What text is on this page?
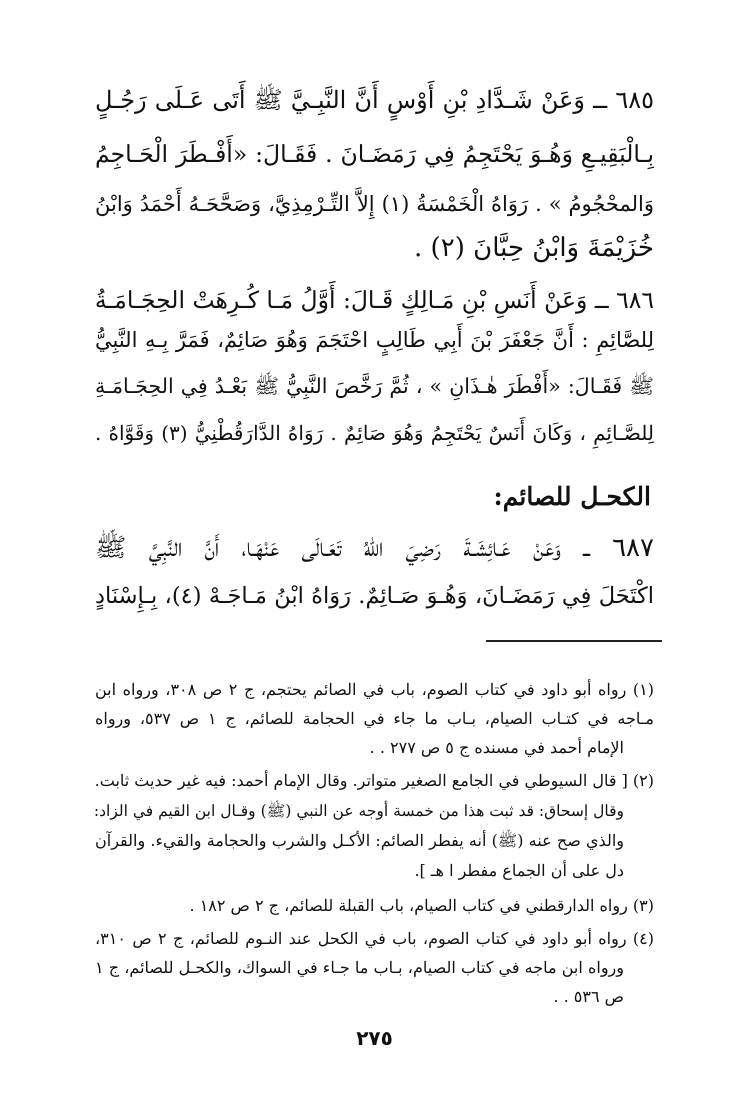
٦٨٥ ــ وَعَنْ شَـدَّادِ بْنِ أَوْسٍ أَنَّ النَّبِـيَّ ﷺ أَتَى عَـلَى رَجُـلٍ
بِـالْبَقِيـعِ وَهُـوَ يَحْتَجِمُ فِي رَمَضَـانَ . فَقَـالَ: «أَفْـطَرَ الْحَـاجِمُ
وَالمحْجُومُ » . رَوَاهُ الْخَمْسَةُ (١) إِلاَّ التِّـرْمِذِيَّ، وَصَحَّحَـهُ أَحْمَدُ وَابْنُ
خُزَيْمَةَ وَابْنُ حِبَّانَ (٢) .
٦٨٦ ــ وَعَنْ أَنَسِ بْنِ مَـالِكٍ قَـالَ: أَوَّلُ مَـا كُـرِهَتْ الحِجَـامَـةُ
لِلصَّائِمِ : أَنَّ جَعْفَرَ بْنَ أَبِي طَالِبٍ احْتَجَمَ وَهُوَ صَائِمٌ، فَمَرَّ بِـهِ النَّبِيُّ
ﷺ فَقَـالَ: «أَفْطَرَ هٰـذَانِ » ، ثُمَّ رَخَّصَ النَّبِيُّ ﷺ بَعْـدُ فِي الحِجَـامَـةِ
لِلصَّـائِمِ ، وَكَانَ أَنَسٌ يَحْتَجِمُ وَهُوَ صَائِمٌ . رَوَاهُ الدَّارَقُطْنِيُّ (٣) وَقَوَّاهُ .
الكحـل للصائم:
٦٨٧ ــ وَعَنْ عَـائِشَـةَ رَضِيَ اللهُ تَعَـالَى عَنْهَـا، أَنَّ النَّبِيَّ ﷺ
اكْتَحَلَ فِي رَمَضَـانَ، وَهُـوَ صَـائِمٌ. رَوَاهُ ابْنُ مَـاجَـهْ (٤)، بِـإِسْنَادٍ
(١) رواه أبو داود في كتاب الصوم، باب في الصائم يحتجم، ج ٢ ص ٣٠٨، ورواه ابن
مـاجه في كتـاب الصيام، بـاب ما جاء في الحجامة للصائم، ج ١ ص ٥٣٧، ورواه
الإمام أحمد في مسنده ج ٥ ص ٢٧٧ . .
(٢) [ قال السيوطي في الجامع الصغير متواتر. وقال الإمام أحمد: فيه غير حديث ثابت.
وقال إسحاق: قد ثبت هذا من خمسة أوجه عن النبي (ﷺ) وقـال ابن القيم في الزاد:
والذي صح عنه (ﷺ) أنه يفطر الصائم: الأكـل والشرب والحجامة والقيء. والقرآن
دل على أن الجماع مفطر ا هـ ].
(٣) رواه الدارقطني في كتاب الصيام، باب القبلة للصائم، ج ٢ ص ١٨٢ .
(٤) رواه أبو داود في كتاب الصوم، باب في الكحل عند النـوم للصائم، ج ٢ ص ٣١٠،
ورواه ابن ماجه في كتاب الصيام، بـاب ما جـاء في السواك، والكحـل للصائم، ج ١
ص ٥٣٦ . .
٢٧٥
